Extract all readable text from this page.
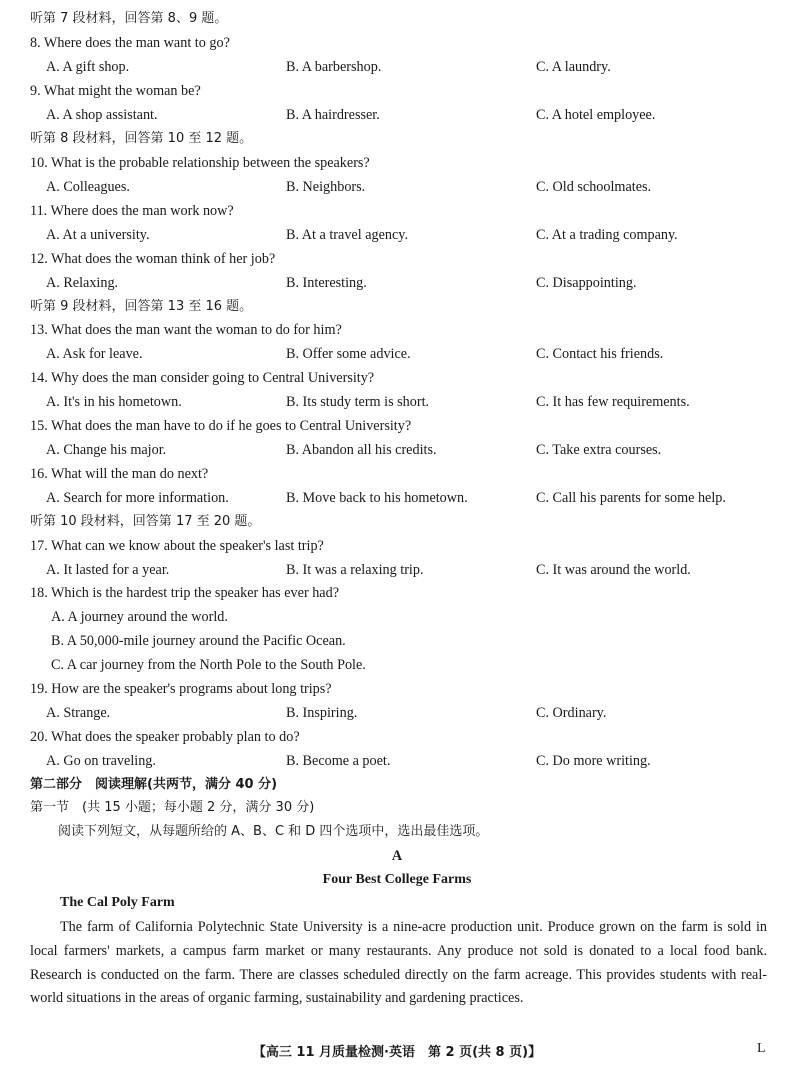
听第 7 段材料，回答第 8、9 题。
8. Where does the man want to go?
A. A gift shop.	B. A barbershop.	C. A laundry.
9. What might the woman be?
A. A shop assistant.	B. A hairdresser.	C. A hotel employee.
听第 8 段材料，回答第 10 至 12 题。
10. What is the probable relationship between the speakers?
A. Colleagues.	B. Neighbors.	C. Old schoolmates.
11. Where does the man work now?
A. At a university.	B. At a travel agency.	C. At a trading company.
12. What does the woman think of her job?
A. Relaxing.	B. Interesting.	C. Disappointing.
听第 9 段材料，回答第 13 至 16 题。
13. What does the man want the woman to do for him?
A. Ask for leave.	B. Offer some advice.	C. Contact his friends.
14. Why does the man consider going to Central University?
A. It's in his hometown.	B. Its study term is short.	C. It has few requirements.
15. What does the man have to do if he goes to Central University?
A. Change his major.	B. Abandon all his credits.	C. Take extra courses.
16. What will the man do next?
A. Search for more information.	B. Move back to his hometown.	C. Call his parents for some help.
听第 10 段材料，回答第 17 至 20 题。
17. What can we know about the speaker's last trip?
A. It lasted for a year.	B. It was a relaxing trip.	C. It was around the world.
18. Which is the hardest trip the speaker has ever had?
A. A journey around the world.
B. A 50,000-mile journey around the Pacific Ocean.
C. A car journey from the North Pole to the South Pole.
19. How are the speaker's programs about long trips?
A. Strange.	B. Inspiring.	C. Ordinary.
20. What does the speaker probably plan to do?
A. Go on traveling.	B. Become a poet.	C. Do more writing.
第二部分　阅读理解(共两节，满分 40 分)
第一节　(共 15 小题；每小题 2 分，满分 30 分)
阅读下列短文，从每题所给的 A、B、C 和 D 四个选项中，选出最佳选项。
A
Four Best College Farms
The Cal Poly Farm
The farm of California Polytechnic State University is a nine-acre production unit. Produce grown on the farm is sold in local farmers' markets, a campus farm market or many restaurants. Any produce not sold is donated to a local food bank. Research is conducted on the farm. There are classes scheduled directly on the farm acreage. This provides students with real-world situations in the areas of organic farming, sustainability and gardening practices.
【高三 11 月质量检测·英语　第 2 页(共 8 页)】	L
